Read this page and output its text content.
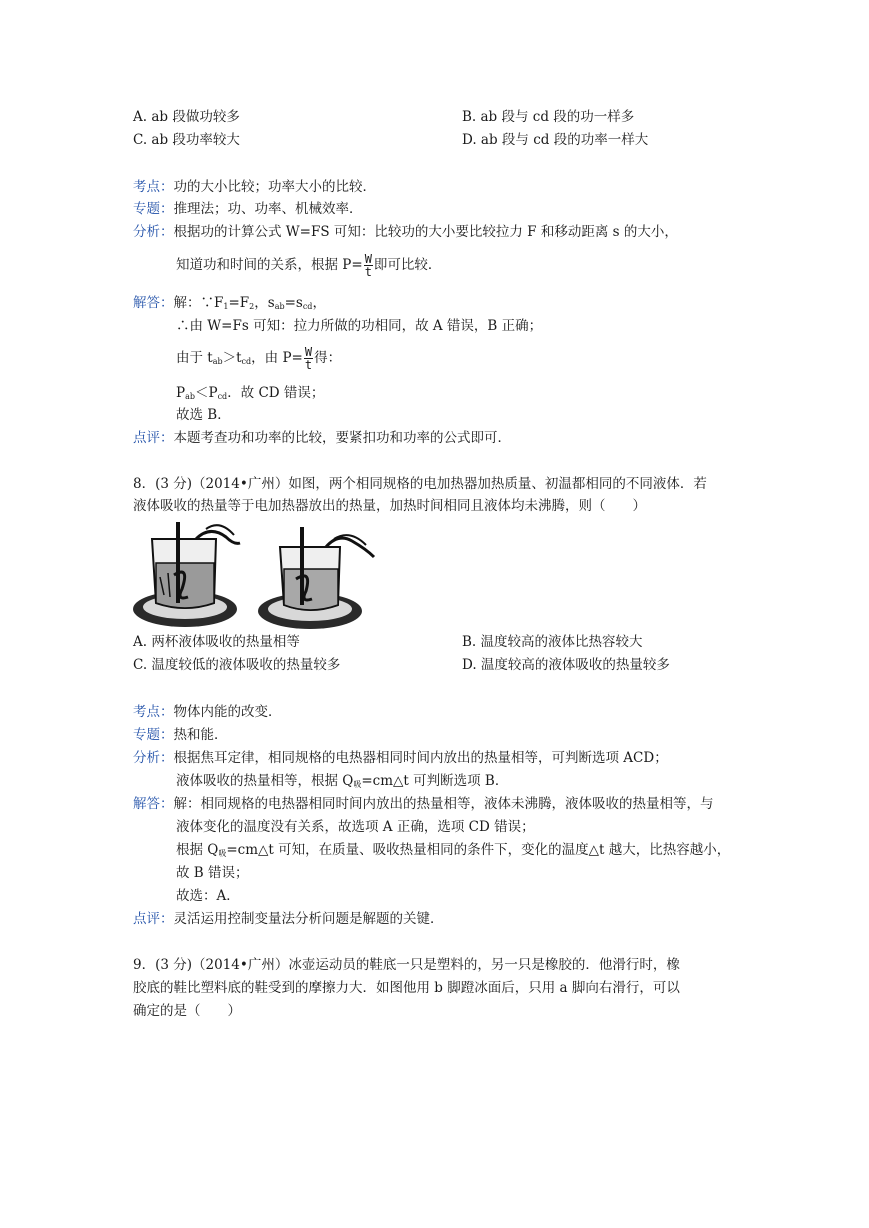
A. ab 段做功较多	B. ab 段与 cd 段的功一样多
C. ab 段功率较大	D. ab 段与 cd 段的功率一样大
考点：功的大小比较；功率大小的比较．
专题：推理法；功、功率、机械效率．
分析：根据功的计算公式 W=FS 可知：比较功的大小要比较拉力 F 和移动距离 s 的大小，
知道功和时间的关系，根据 $P= \frac{W}{t}$ 即可比较．
解答：解：$\because F_1=F_2$，$s_{ab}=s_{cd}$，
∴由 W=Fs 可知：拉力所做的功相同，故 A 错误，B 正确；
由于 $t_{ab}>t_{cd}$，由 $P= \frac{W}{t}$ 得：
$P_{ab}<P_{cd}$．故 CD 错误；
故选 B．
点评：本题考查功和功率的比较，要紧扣功和功率的公式即可．
8．(3 分)（2014•广州）如图，两个相同规格的电加热器加热质量、初温都相同的不同液体．若
液体吸收的热量等于电加热器放出的热量，加热时间相同且液体均未沸腾，则（　　）
A. 两杯液体吸收的热量相等	B. 温度较高的液体比热容较大
C. 温度较低的液体吸收的热量较多	D. 温度较高的液体吸收的热量较多
考点：物体内能的改变．
专题：热和能．
分析：根据焦耳定律，相同规格的电热器相同时间内放出的热量相等，可判断选项 ACD；
液体吸收的热量相等，根据 $Q_吸=cm\triangle t$ 可判断选项 B．
解答：解：相同规格的电热器相同时间内放出的热量相等，液体未沸腾，液体吸收的热量相等，与
液体变化的温度没有关系，故选项 A 正确，选项 CD 错误；
根据 $Q_吸=cm\triangle t$ 可知，在质量、吸收热量相同的条件下，变化的温度△t 越大，比热容越小，
故 B 错误；
故选：A．
点评：灵活运用控制变量法分析问题是解题的关键．
9．(3 分)（2014•广州）冰壶运动员的鞋底一只是塑料的，另一只是橡胶的．他滑行时，橡
胶底的鞋比塑料底的鞋受到的摩擦力大．如图他用 b 脚蹬冰面后，只用 a 脚向右滑行，可以
确定的是（　　）
